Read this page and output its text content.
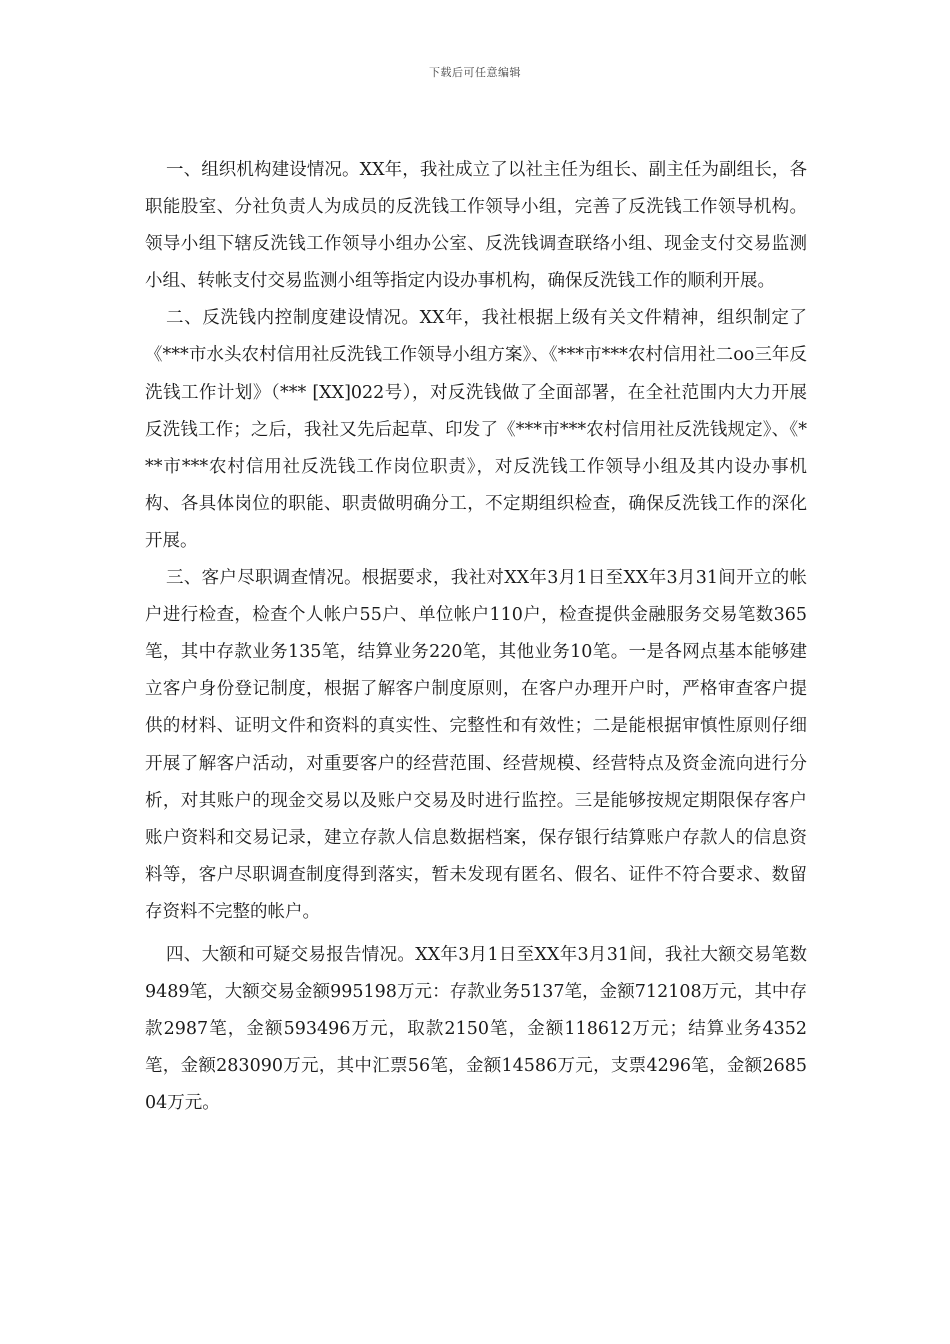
下载后可任意编辑

一、组织机构建设情况。XX年，我社成立了以社主任为组长、副主任为副组长，各职能股室、分社负责人为成员的反洗钱工作领导小组，完善了反洗钱工作领导机构。领导小组下辖反洗钱工作领导小组办公室、反洗钱调查联络小组、现金支付交易监测小组、转帐支付交易监测小组等指定内设办事机构，确保反洗钱工作的顺利开展。

二、反洗钱内控制度建设情况。XX年，我社根据上级有关文件精神，组织制定了《***市水头农村信用社反洗钱工作领导小组方案》、《***市***农村信用社二oo三年反洗钱工作计划》（*** [XX]022号），对反洗钱做了全面部署，在全社范围内大力开展反洗钱工作；之后，我社又先后起草、印发了《***市***农村信用社反洗钱规定》、《***市***农村信用社反洗钱工作岗位职责》，对反洗钱工作领导小组及其内设办事机构、各具体岗位的职能、职责做明确分工，不定期组织检查，确保反洗钱工作的深化开展。

三、客户尽职调查情况。根据要求，我社对XX年3月1日至XX年3月31间开立的帐户进行检查，检查个人帐户55户、单位帐户110户，检查提供金融服务交易笔数365笔，其中存款业务135笔，结算业务220笔，其他业务10笔。一是各网点基本能够建立客户身份登记制度，根据了解客户制度原则，在客户办理开户时，严格审查客户提供的材料、证明文件和资料的真实性、完整性和有效性；二是能根据审慎性原则仔细开展了解客户活动，对重要客户的经营范围、经营规模、经营特点及资金流向进行分析，对其账户的现金交易以及账户交易及时进行监控。三是能够按规定期限保存客户账户资料和交易记录，建立存款人信息数据档案，保存银行结算账户存款人的信息资料等，客户尽职调查制度得到落实，暂未发现有匿名、假名、证件不符合要求、数留存资料不完整的帐户。

四、大额和可疑交易报告情况。XX年3月1日至XX年3月31间，我社大额交易笔数9489笔，大额交易金额995198万元：存款业务5137笔，金额712108万元，其中存款2987笔，金额593496万元，取款2150笔，金额118612万元；结算业务4352笔，金额283090万元，其中汇票56笔，金额14586万元，支票4296笔，金额268504万元。
